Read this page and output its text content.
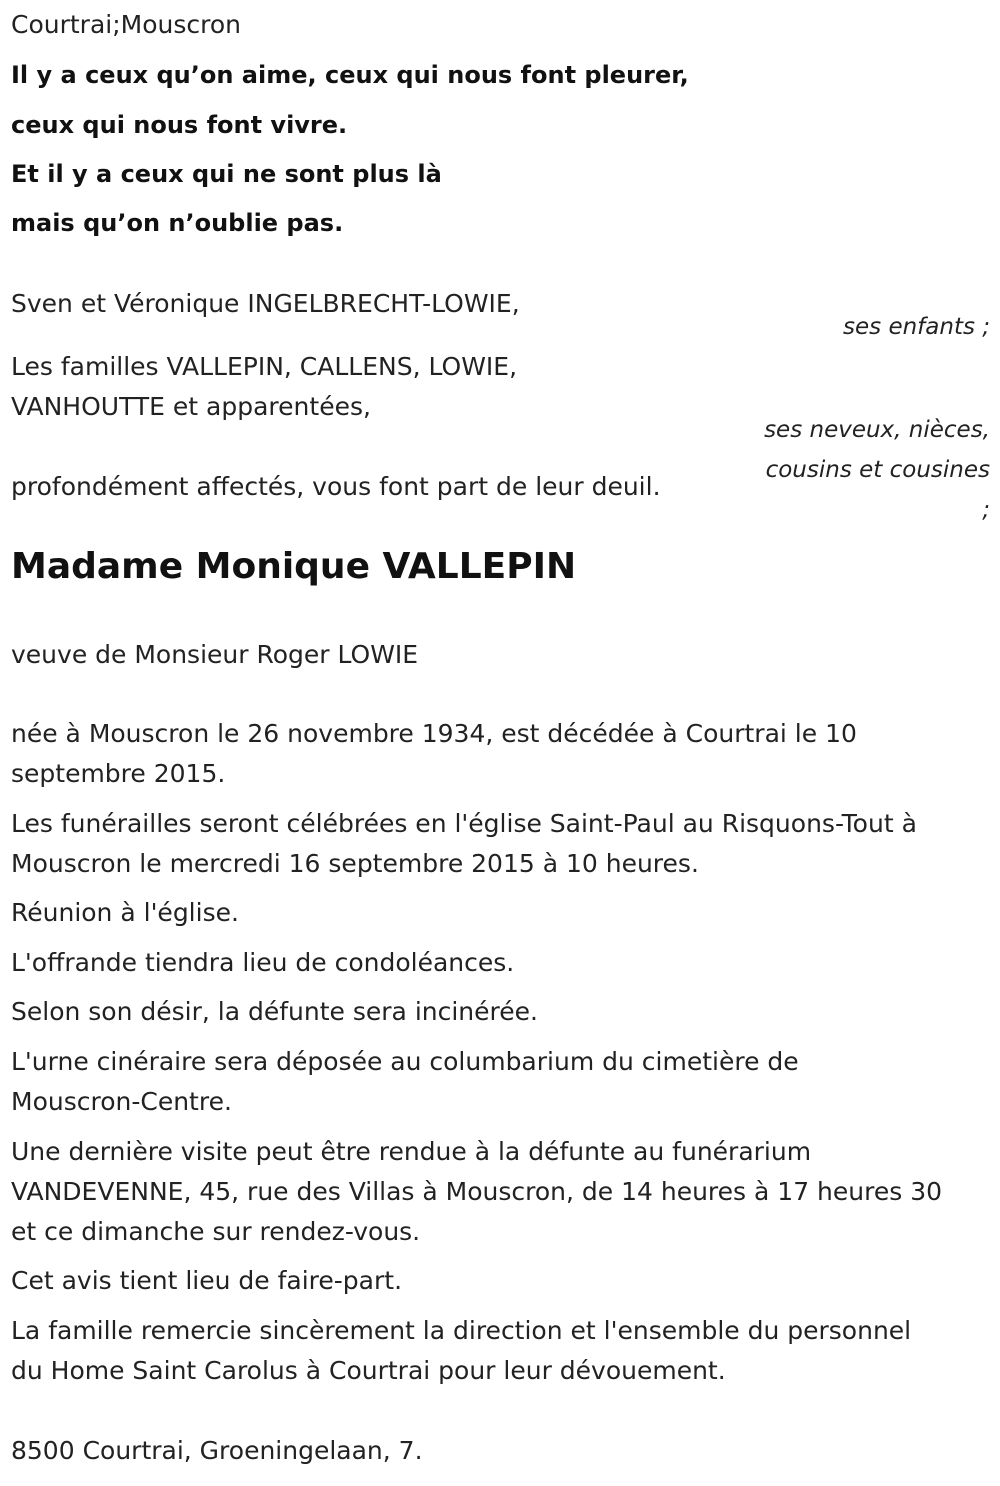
Courtrai;Mouscron
Il y a ceux qu’on aime, ceux qui nous font pleurer,
ceux qui nous font vivre.
Et il y a ceux qui ne sont plus là
mais qu’on n’oublie pas.
Sven et Véronique INGELBRECHT-LOWIE,
ses enfants ;
Les familles VALLEPIN, CALLENS, LOWIE,
VANHOUTTE et apparentées,
ses neveux, nièces,
cousins et cousines
;
profondément affectés, vous font part de leur deuil.
Madame Monique VALLEPIN
veuve de Monsieur Roger LOWIE
née à Mouscron le 26 novembre 1934, est décédée à Courtrai le 10
septembre 2015.
Les funérailles seront célébrées en l'église Saint-Paul au Risquons-Tout à
Mouscron le mercredi 16 septembre 2015 à 10 heures.
Réunion à l'église.
L'offrande tiendra lieu de condoléances.
Selon son désir, la défunte sera incinérée.
L'urne cinéraire sera déposée au columbarium du cimetière de
Mouscron-Centre.
Une dernière visite peut être rendue à la défunte au funérarium
VANDEVENNE, 45, rue des Villas à Mouscron, de 14 heures à 17 heures 30
et ce dimanche sur rendez-vous.
Cet avis tient lieu de faire-part.
La famille remercie sincèrement la direction et l'ensemble du personnel
du Home Saint Carolus à Courtrai pour leur dévouement.
8500 Courtrai, Groeningelaan, 7.
